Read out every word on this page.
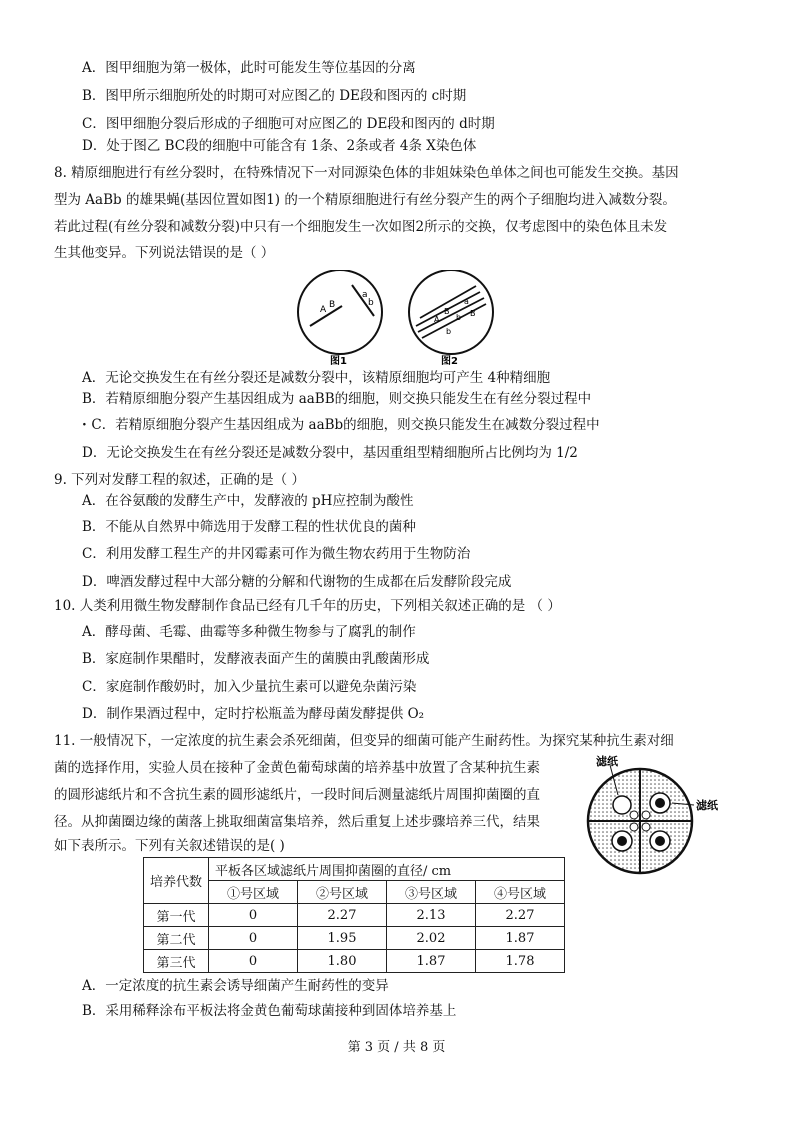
A．图甲细胞为第一极体，此时可能发生等位基因的分离
B．图甲所示细胞所处的时期可对应图乙的 DE段和图丙的 c时期
C．图甲细胞分裂后形成的子细胞可对应图乙的 DE段和图丙的 d时期
D．处于图乙 BC段的细胞中可能含有 1条、2条或者 4条 X染色体
8. 精原细胞进行有丝分裂时，在特殊情况下一对同源染色体的非姐妹染色单体之间也可能发生交换。基因
型为 AaBb 的雄果蝇(基因位置如图1) 的一个精原细胞进行有丝分裂产生的两个子细胞均进入减数分裂。
若此过程(有丝分裂和减数分裂)中只有一个细胞发生一次如图2所示的交换，仅考虑图中的染色体且未发
生其他变异。下列说法错误的是（ ）
A B
a
b
图1
A
B
b
a
b
B
图2
A．无论交换发生在有丝分裂还是减数分裂中，该精原细胞均可产生 4种精细胞
B．若精原细胞分裂产生基因组成为 aaBB的细胞，则交换只能发生在有丝分裂过程中
· C．若精原细胞分裂产生基因组成为 aaBb的细胞，则交换只能发生在减数分裂过程中
D．无论交换发生在有丝分裂还是减数分裂中，基因重组型精细胞所占比例均为 1/2
9. 下列对发酵工程的叙述，正确的是（ ）
A．在谷氨酸的发酵生产中，发酵液的 pH应控制为酸性
B．不能从自然界中筛选用于发酵工程的性状优良的菌种
C．利用发酵工程生产的井冈霉素可作为微生物农药用于生物防治
D．啤酒发酵过程中大部分糖的分解和代谢物的生成都在后发酵阶段完成
10. 人类利用微生物发酵制作食品已经有几千年的历史，下列相关叙述正确的是 （ ）
A．酵母菌、毛霉、曲霉等多种微生物参与了腐乳的制作
B．家庭制作果醋时，发酵液表面产生的菌膜由乳酸菌形成
C．家庭制作酸奶时，加入少量抗生素可以避免杂菌污染
D．制作果酒过程中，定时拧松瓶盖为酵母菌发酵提供 O₂
11. 一般情况下，一定浓度的抗生素会杀死细菌，但变异的细菌可能产生耐药性。为探究某种抗生素对细
菌的选择作用，实验人员在接种了金黄色葡萄球菌的培养基中放置了含某种抗生素
的圆形滤纸片和不含抗生素的圆形滤纸片，一段时间后测量滤纸片周围抑菌圈的直
径。从抑菌圈边缘的菌落上挑取细菌富集培养，然后重复上述步骤培养三代，结果
如下表所示。下列有关叙述错误的是( )
滤纸
滤纸
培养代数	平板各区域滤纸片周围抑菌圈的直径/ cm			
	①号区域	②号区域	③号区域	④号区域
第一代	0	2.27	2.13	2.27
第二代	0	1.95	2.02	1.87
第三代	0	1.80	1.87	1.78
A．一定浓度的抗生素会诱导细菌产生耐药性的变异
B．采用稀释涂布平板法将金黄色葡萄球菌接种到固体培养基上
第 3 页 / 共 8 页
